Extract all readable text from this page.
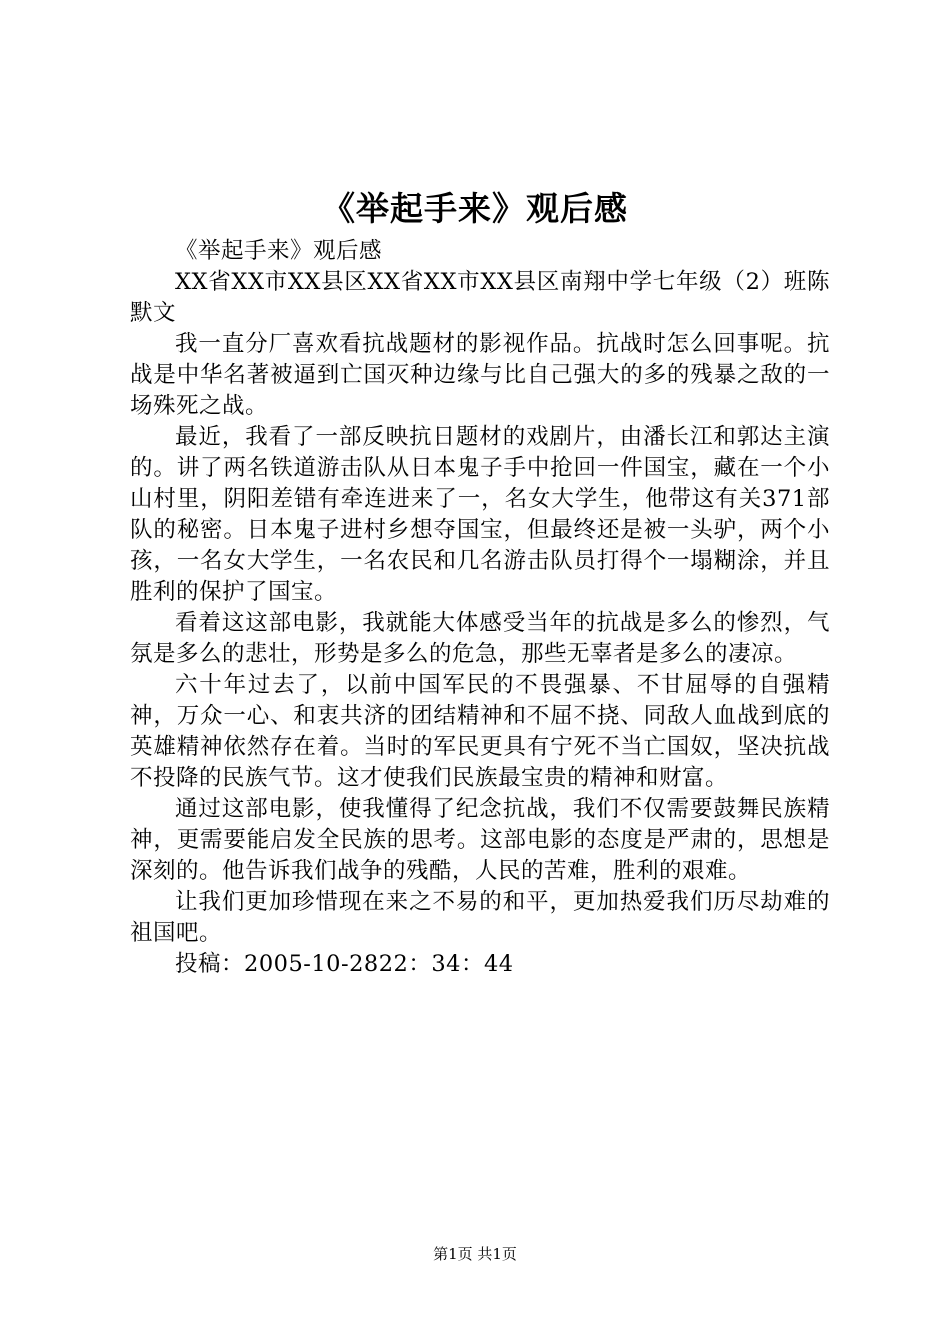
《举起手来》观后感

《举起手来》观后感

XX省XX市XX县区XX省XX市XX县区南翔中学七年级（2）班陈默文

我一直分厂喜欢看抗战题材的影视作品。抗战时怎么回事呢。抗战是中华名著被逼到亡国灭种边缘与比自己强大的多的残暴之敌的一场殊死之战。

最近，我看了一部反映抗日题材的戏剧片，由潘长江和郭达主演的。讲了两名铁道游击队从日本鬼子手中抢回一件国宝，藏在一个小山村里，阴阳差错有牵连进来了一，名女大学生，他带这有关371部队的秘密。日本鬼子进村乡想夺国宝，但最终还是被一头驴，两个小孩，一名女大学生，一名农民和几名游击队员打得个一塌糊涂，并且胜利的保护了国宝。

看着这这部电影，我就能大体感受当年的抗战是多么的惨烈，气氛是多么的悲壮，形势是多么的危急，那些无辜者是多么的凄凉。

六十年过去了，以前中国军民的不畏强暴、不甘屈辱的自强精神，万众一心、和衷共济的团结精神和不屈不挠、同敌人血战到底的英雄精神依然存在着。当时的军民更具有宁死不当亡国奴，坚决抗战不投降的民族气节。这才使我们民族最宝贵的精神和财富。

通过这部电影，使我懂得了纪念抗战，我们不仅需要鼓舞民族精神，更需要能启发全民族的思考。这部电影的态度是严肃的，思想是深刻的。他告诉我们战争的残酷，人民的苦难，胜利的艰难。

让我们更加珍惜现在来之不易的和平，更加热爱我们历尽劫难的祖国吧。

投稿：2005-10-2822：34：44

第1页 共1页
